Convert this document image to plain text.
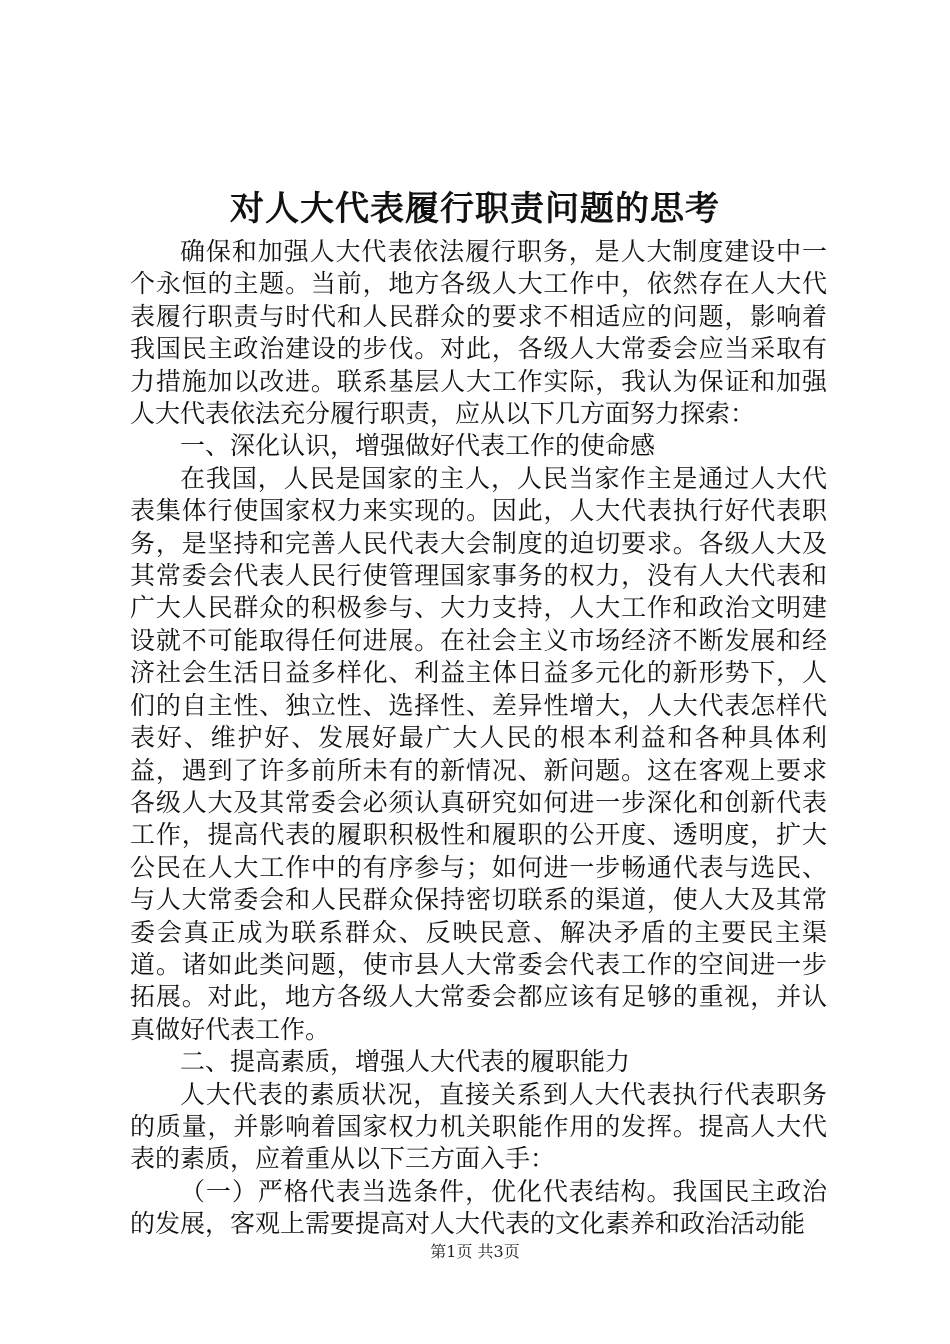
对人大代表履行职责问题的思考

确保和加强人大代表依法履行职务，是人大制度建设中一个永恒的主题。当前，地方各级人大工作中，依然存在人大代表履行职责与时代和人民群众的要求不相适应的问题，影响着我国民主政治建设的步伐。对此，各级人大常委会应当采取有力措施加以改进。联系基层人大工作实际，我认为保证和加强人大代表依法充分履行职责，应从以下几方面努力探索：

一、深化认识，增强做好代表工作的使命感

在我国，人民是国家的主人，人民当家作主是通过人大代表集体行使国家权力来实现的。因此，人大代表执行好代表职务，是坚持和完善人民代表大会制度的迫切要求。各级人大及其常委会代表人民行使管理国家事务的权力，没有人大代表和广大人民群众的积极参与、大力支持，人大工作和政治文明建设就不可能取得任何进展。在社会主义市场经济不断发展和经济社会生活日益多样化、利益主体日益多元化的新形势下，人们的自主性、独立性、选择性、差异性增大，人大代表怎样代表好、维护好、发展好最广大人民的根本利益和各种具体利益，遇到了许多前所未有的新情况、新问题。这在客观上要求各级人大及其常委会必须认真研究如何进一步深化和创新代表工作，提高代表的履职积极性和履职的公开度、透明度，扩大公民在人大工作中的有序参与；如何进一步畅通代表与选民、与人大常委会和人民群众保持密切联系的渠道，使人大及其常委会真正成为联系群众、反映民意、解决矛盾的主要民主渠道。诸如此类问题，使市县人大常委会代表工作的空间进一步拓展。对此，地方各级人大常委会都应该有足够的重视，并认真做好代表工作。

二、提高素质，增强人大代表的履职能力

人大代表的素质状况，直接关系到人大代表执行代表职务的质量，并影响着国家权力机关职能作用的发挥。提高人大代表的素质，应着重从以下三方面入手：

（一）严格代表当选条件，优化代表结构。我国民主政治的发展，客观上需要提高对人大代表的文化素养和政治活动能

第1页 共3页
